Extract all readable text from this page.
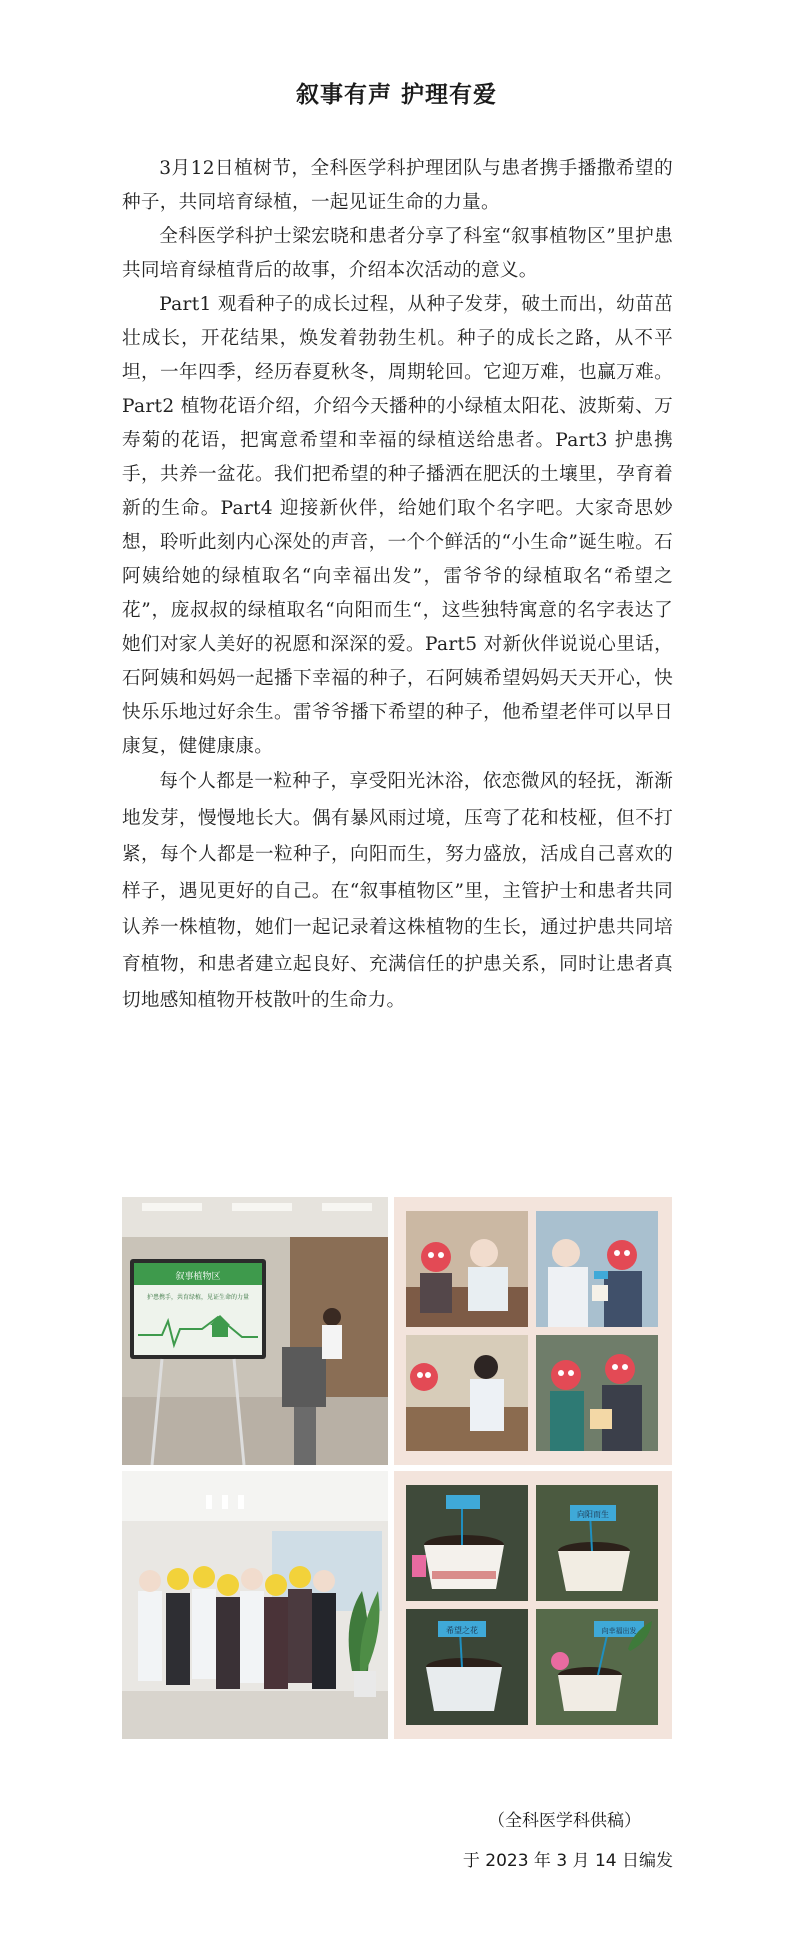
叙事有声 护理有爱

3月12日植树节，全科医学科护理团队与患者携手播撒希望的种子，共同培育绿植，一起见证生命的力量。

全科医学科护士梁宏晓和患者分享了科室“叙事植物区”里护患共同培育绿植背后的故事，介绍本次活动的意义。

Part1 观看种子的成长过程，从种子发芽，破土而出，幼苗茁壮成长，开花结果，焕发着勃勃生机。种子的成长之路，从不平坦，一年四季，经历春夏秋冬，周期轮回。它迎万难，也赢万难。Part2 植物花语介绍，介绍今天播种的小绿植太阳花、波斯菊、万寿菊的花语，把寓意希望和幸福的绿植送给患者。Part3 护患携手，共养一盆花。我们把希望的种子播洒在肥沃的土壤里，孕育着新的生命。Part4 迎接新伙伴，给她们取个名字吧。大家奇思妙想，聆听此刻内心深处的声音，一个个鲜活的“小生命”诞生啦。石阿姨给她的绿植取名“向幸福出发”，雷爷爷的绿植取名“希望之花”，庞叔叔的绿植取名“向阳而生“，这些独特寓意的名字表达了她们对家人美好的祝愿和深深的爱。Part5 对新伙伴说说心里话，石阿姨和妈妈一起播下幸福的种子，石阿姨希望妈妈天天开心，快快乐乐地过好余生。雷爷爷播下希望的种子，他希望老伴可以早日康复，健健康康。

每个人都是一粒种子，享受阳光沐浴，依恋微风的轻抚，渐渐地发芽，慢慢地长大。偶有暴风雨过境，压弯了花和枝桠，但不打紧，每个人都是一粒种子，向阳而生，努力盛放，活成自己喜欢的样子，遇见更好的自己。在“叙事植物区”里，主管护士和患者共同认养一株植物，她们一起记录着这株植物的生长，通过护患共同培育植物，和患者建立起良好、充满信任的护患关系，同时让患者真切地感知植物开枝散叶的生命力。

叙事植物区
护患携手，共育绿植，见证生命的力量
向阳而生
希望之花	向幸福出发
（全科医学科供稿）
于 2023 年 3 月 14 日编发
